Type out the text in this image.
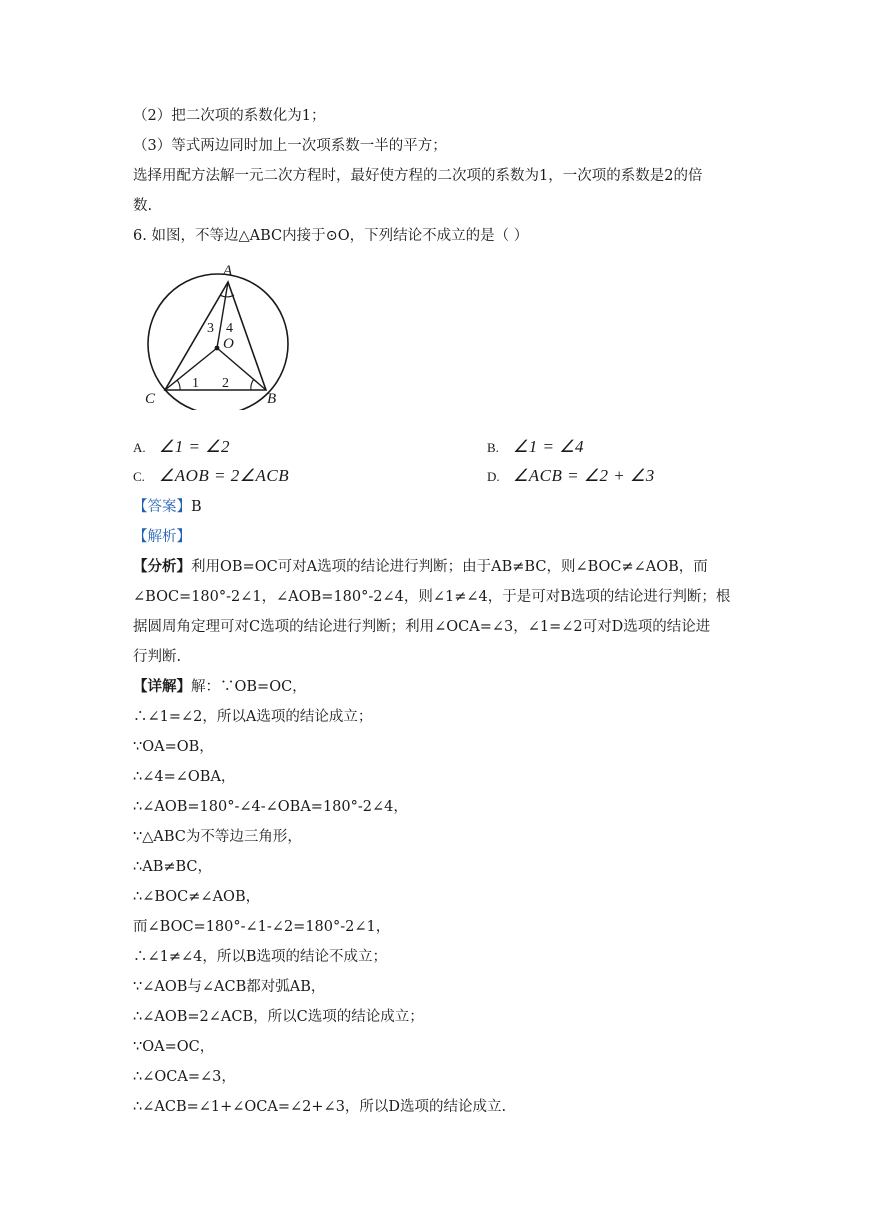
（2）把二次项的系数化为1；
（3）等式两边同时加上一次项系数一半的平方；
选择用配方法解一元二次方程时，最好使方程的二次项的系数为1，一次项的系数是2的倍
数.
6. 如图，不等边△ABC内接于⊙O，下列结论不成立的是（ ）
A
C	B
O
3 4
1 2
A. ∠1 = ∠2	B. ∠1 = ∠4
C. ∠AOB = 2∠ACB	D. ∠ACB = ∠2 + ∠3
【答案】B
【解析】
【分析】利用OB=OC可对A选项的结论进行判断；由于AB≠BC，则∠BOC≠∠AOB，而
∠BOC=180°-2∠1，∠AOB=180°-2∠4，则∠1≠∠4，于是可对B选项的结论进行判断；根
据圆周角定理可对C选项的结论进行判断；利用∠OCA=∠3，∠1=∠2可对D选项的结论进
行判断.
【详解】解：∵OB=OC，
∴∠1=∠2，所以A选项的结论成立；
∵OA=OB，
∴∠4=∠OBA，
∴∠AOB=180°-∠4-∠OBA=180°-2∠4，
∵△ABC为不等边三角形，
∴AB≠BC，
∴∠BOC≠∠AOB，
而∠BOC=180°-∠1-∠2=180°-2∠1，
∴∠1≠∠4，所以B选项的结论不成立；
∵∠AOB与∠ACB都对弧AB，
∴∠AOB=2∠ACB，所以C选项的结论成立；
∵OA=OC，
∴∠OCA=∠3，
∴∠ACB=∠1+∠OCA=∠2+∠3，所以D选项的结论成立.
